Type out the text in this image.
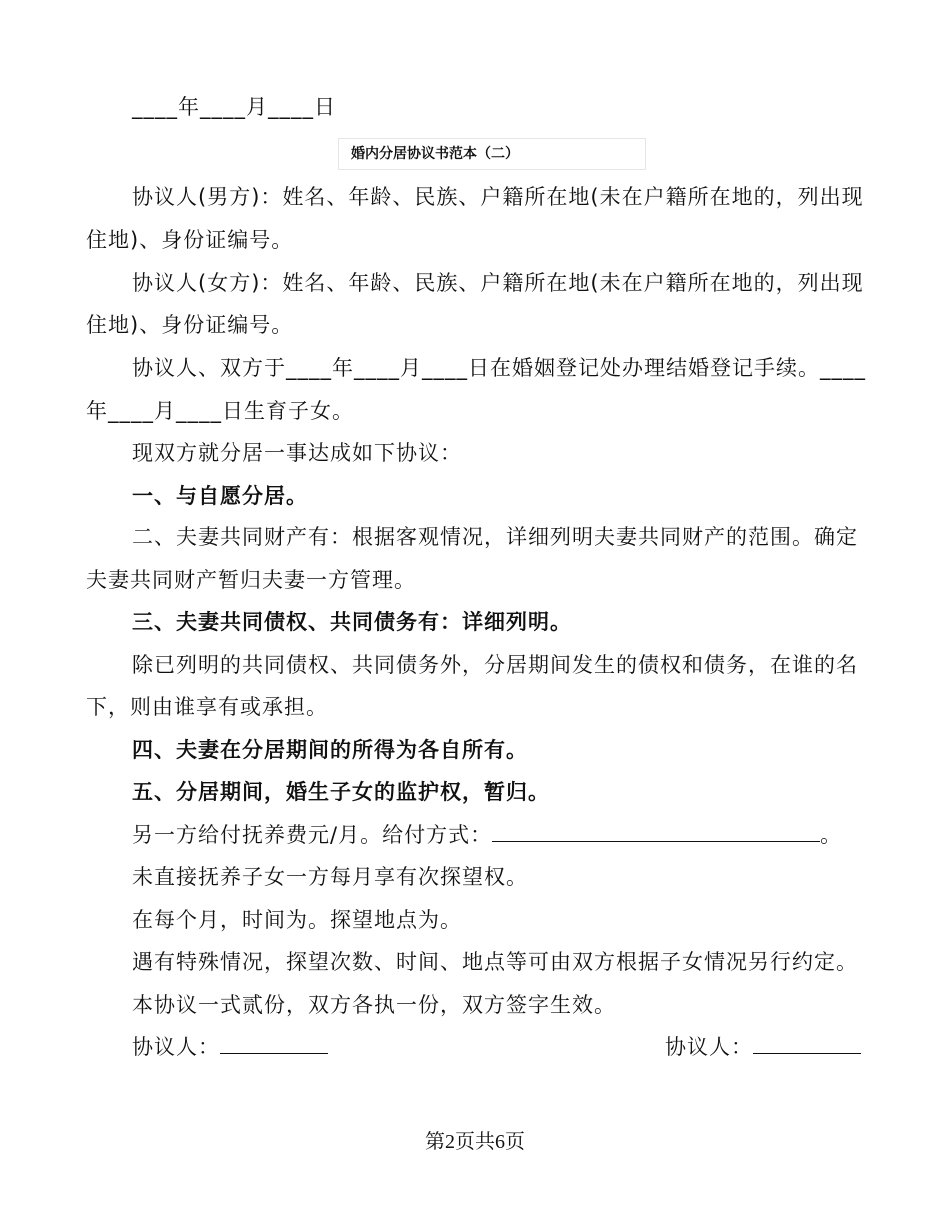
____年____月____日
婚内分居协议书范本（二）
协议人(男方)：姓名、年龄、民族、户籍所在地(未在户籍所在地的，列出现
住地)、身份证编号。
协议人(女方)：姓名、年龄、民族、户籍所在地(未在户籍所在地的，列出现
住地)、身份证编号。
协议人、双方于____年____月____日在婚姻登记处办理结婚登记手续。____
年____月____日生育子女。
现双方就分居一事达成如下协议：
一、与自愿分居。
二、夫妻共同财产有：根据客观情况，详细列明夫妻共同财产的范围。确定
夫妻共同财产暂归夫妻一方管理。
三、夫妻共同债权、共同债务有：详细列明。
除已列明的共同债权、共同债务外，分居期间发生的债权和债务，在谁的名
下，则由谁享有或承担。
四、夫妻在分居期间的所得为各自所有。
五、分居期间，婚生子女的监护权，暂归。
另一方给付抚养费元/月。给付方式：	。
未直接抚养子女一方每月享有次探望权。
在每个月，时间为。探望地点为。
遇有特殊情况，探望次数、时间、地点等可由双方根据子女情况另行约定。
本协议一式贰份，双方各执一份，双方签字生效。
协议人：	协议人：
第2页共6页
